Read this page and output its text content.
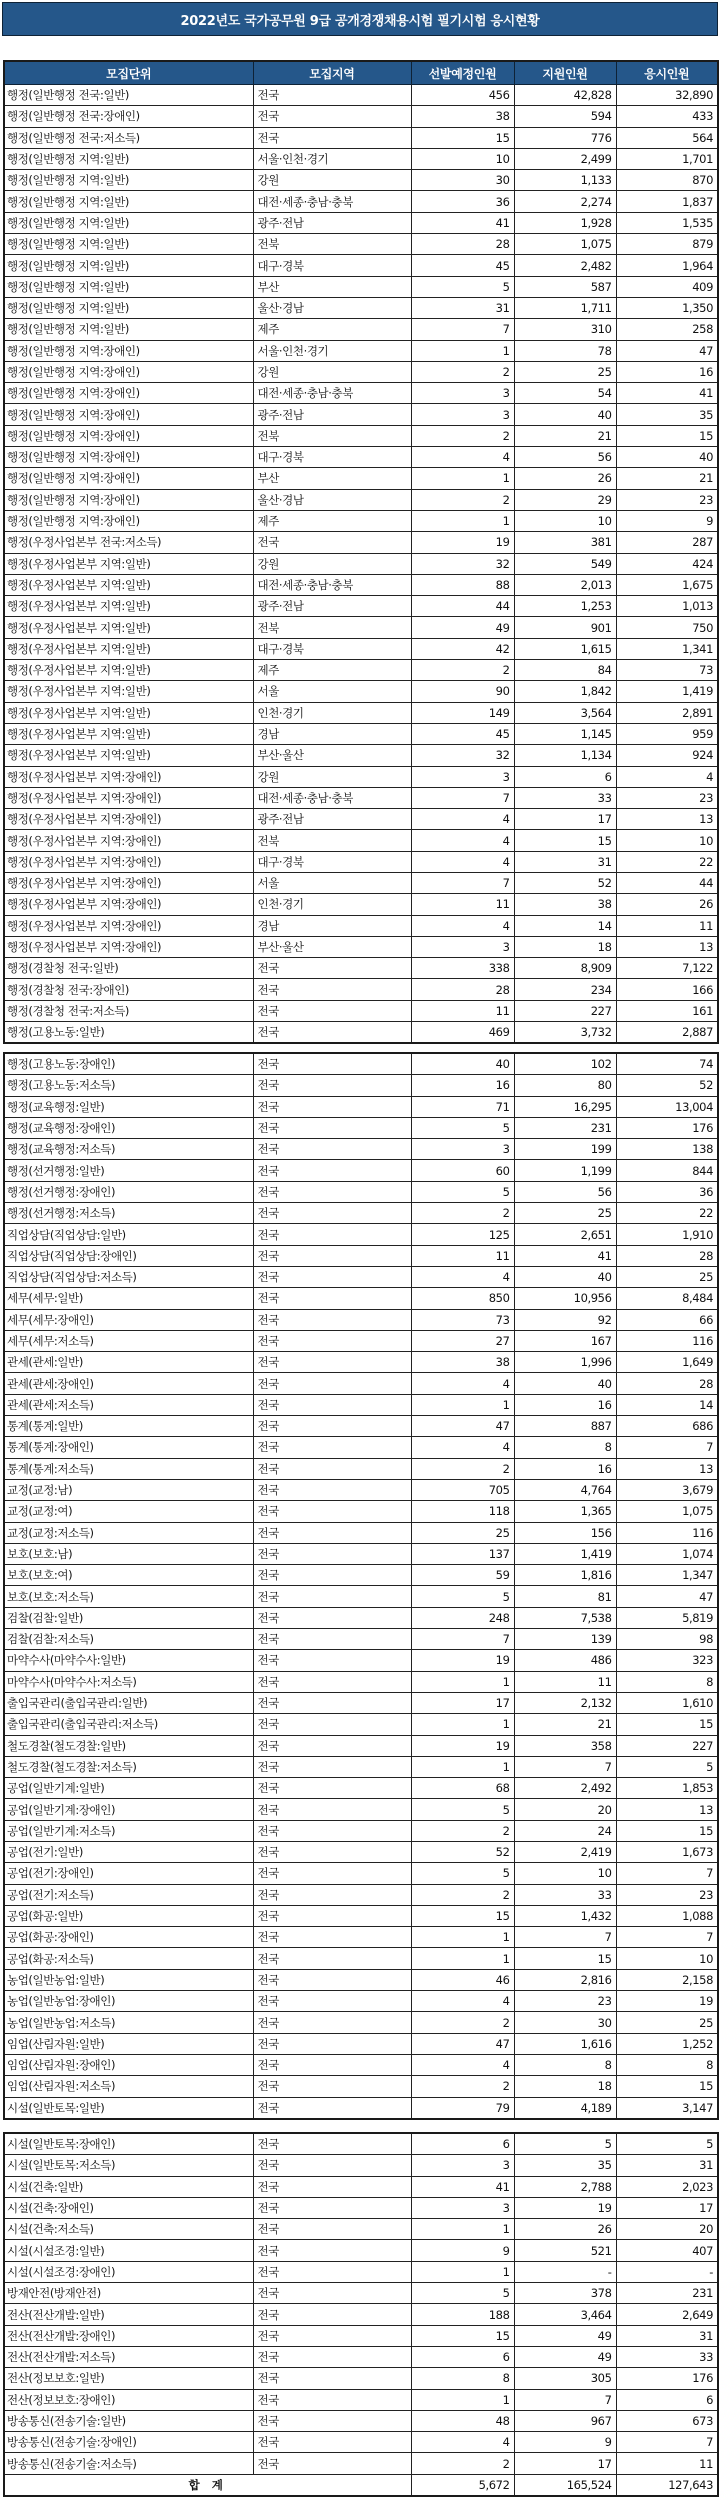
2022년도 국가공무원 9급 공개경쟁채용시험 필기시험 응시현황
모집단위	모집지역	선발예정인원	지원인원	응시인원
행정(일반행정 전국:일반)	전국	456	42,828	32,890
행정(일반행정 전국:장애인)	전국	38	594	433
행정(일반행정 전국:저소득)	전국	15	776	564
행정(일반행정 지역:일반)	서울·인천·경기	10	2,499	1,701
행정(일반행정 지역:일반)	강원	30	1,133	870
행정(일반행정 지역:일반)	대전·세종·충남·충북	36	2,274	1,837
행정(일반행정 지역:일반)	광주·전남	41	1,928	1,535
행정(일반행정 지역:일반)	전북	28	1,075	879
행정(일반행정 지역:일반)	대구·경북	45	2,482	1,964
행정(일반행정 지역:일반)	부산	5	587	409
행정(일반행정 지역:일반)	울산·경남	31	1,711	1,350
행정(일반행정 지역:일반)	제주	7	310	258
행정(일반행정 지역:장애인)	서울·인천·경기	1	78	47
행정(일반행정 지역:장애인)	강원	2	25	16
행정(일반행정 지역:장애인)	대전·세종·충남·충북	3	54	41
행정(일반행정 지역:장애인)	광주·전남	3	40	35
행정(일반행정 지역:장애인)	전북	2	21	15
행정(일반행정 지역:장애인)	대구·경북	4	56	40
행정(일반행정 지역:장애인)	부산	1	26	21
행정(일반행정 지역:장애인)	울산·경남	2	29	23
행정(일반행정 지역:장애인)	제주	1	10	9
행정(우정사업본부 전국:저소득)	전국	19	381	287
행정(우정사업본부 지역:일반)	강원	32	549	424
행정(우정사업본부 지역:일반)	대전·세종·충남·충북	88	2,013	1,675
행정(우정사업본부 지역:일반)	광주·전남	44	1,253	1,013
행정(우정사업본부 지역:일반)	전북	49	901	750
행정(우정사업본부 지역:일반)	대구·경북	42	1,615	1,341
행정(우정사업본부 지역:일반)	제주	2	84	73
행정(우정사업본부 지역:일반)	서울	90	1,842	1,419
행정(우정사업본부 지역:일반)	인천·경기	149	3,564	2,891
행정(우정사업본부 지역:일반)	경남	45	1,145	959
행정(우정사업본부 지역:일반)	부산·울산	32	1,134	924
행정(우정사업본부 지역:장애인)	강원	3	6	4
행정(우정사업본부 지역:장애인)	대전·세종·충남·충북	7	33	23
행정(우정사업본부 지역:장애인)	광주·전남	4	17	13
행정(우정사업본부 지역:장애인)	전북	4	15	10
행정(우정사업본부 지역:장애인)	대구·경북	4	31	22
행정(우정사업본부 지역:장애인)	서울	7	52	44
행정(우정사업본부 지역:장애인)	인천·경기	11	38	26
행정(우정사업본부 지역:장애인)	경남	4	14	11
행정(우정사업본부 지역:장애인)	부산·울산	3	18	13
행정(경찰청 전국:일반)	전국	338	8,909	7,122
행정(경찰청 전국:장애인)	전국	28	234	166
행정(경찰청 전국:저소득)	전국	11	227	161
행정(고용노동:일반)	전국	469	3,732	2,887
행정(고용노동:장애인)	전국	40	102	74
행정(고용노동:저소득)	전국	16	80	52
행정(교육행정:일반)	전국	71	16,295	13,004
행정(교육행정:장애인)	전국	5	231	176
행정(교육행정:저소득)	전국	3	199	138
행정(선거행정:일반)	전국	60	1,199	844
행정(선거행정:장애인)	전국	5	56	36
행정(선거행정:저소득)	전국	2	25	22
직업상담(직업상담:일반)	전국	125	2,651	1,910
직업상담(직업상담:장애인)	전국	11	41	28
직업상담(직업상담:저소득)	전국	4	40	25
세무(세무:일반)	전국	850	10,956	8,484
세무(세무:장애인)	전국	73	92	66
세무(세무:저소득)	전국	27	167	116
관세(관세:일반)	전국	38	1,996	1,649
관세(관세:장애인)	전국	4	40	28
관세(관세:저소득)	전국	1	16	14
통계(통계:일반)	전국	47	887	686
통계(통계:장애인)	전국	4	8	7
통계(통계:저소득)	전국	2	16	13
교정(교정:남)	전국	705	4,764	3,679
교정(교정:여)	전국	118	1,365	1,075
교정(교정:저소득)	전국	25	156	116
보호(보호:남)	전국	137	1,419	1,074
보호(보호:여)	전국	59	1,816	1,347
보호(보호:저소득)	전국	5	81	47
검찰(검찰:일반)	전국	248	7,538	5,819
검찰(검찰:저소득)	전국	7	139	98
마약수사(마약수사:일반)	전국	19	486	323
마약수사(마약수사:저소득)	전국	1	11	8
출입국관리(출입국관리:일반)	전국	17	2,132	1,610
출입국관리(출입국관리:저소득)	전국	1	21	15
철도경찰(철도경찰:일반)	전국	19	358	227
철도경찰(철도경찰:저소득)	전국	1	7	5
공업(일반기계:일반)	전국	68	2,492	1,853
공업(일반기계:장애인)	전국	5	20	13
공업(일반기계:저소득)	전국	2	24	15
공업(전기:일반)	전국	52	2,419	1,673
공업(전기:장애인)	전국	5	10	7
공업(전기:저소득)	전국	2	33	23
공업(화공:일반)	전국	15	1,432	1,088
공업(화공:장애인)	전국	1	7	7
공업(화공:저소득)	전국	1	15	10
농업(일반농업:일반)	전국	46	2,816	2,158
농업(일반농업:장애인)	전국	4	23	19
농업(일반농업:저소득)	전국	2	30	25
임업(산림자원:일반)	전국	47	1,616	1,252
임업(산림자원:장애인)	전국	4	8	8
임업(산림자원:저소득)	전국	2	18	15
시설(일반토목:일반)	전국	79	4,189	3,147
시설(일반토목:장애인)	전국	6	5	5
시설(일반토목:저소득)	전국	3	35	31
시설(건축:일반)	전국	41	2,788	2,023
시설(건축:장애인)	전국	3	19	17
시설(건축:저소득)	전국	1	26	20
시설(시설조경:일반)	전국	9	521	407
시설(시설조경:장애인)	전국	1	-	-
방재안전(방재안전)	전국	5	378	231
전산(전산개발:일반)	전국	188	3,464	2,649
전산(전산개발:장애인)	전국	15	49	31
전산(전산개발:저소득)	전국	6	49	33
전산(정보보호:일반)	전국	8	305	176
전산(정보보호:장애인)	전국	1	7	6
방송통신(전송기술:일반)	전국	48	967	673
방송통신(전송기술:장애인)	전국	4	9	7
방송통신(전송기술:저소득)	전국	2	17	11
합 계		5,672	165,524	127,643
